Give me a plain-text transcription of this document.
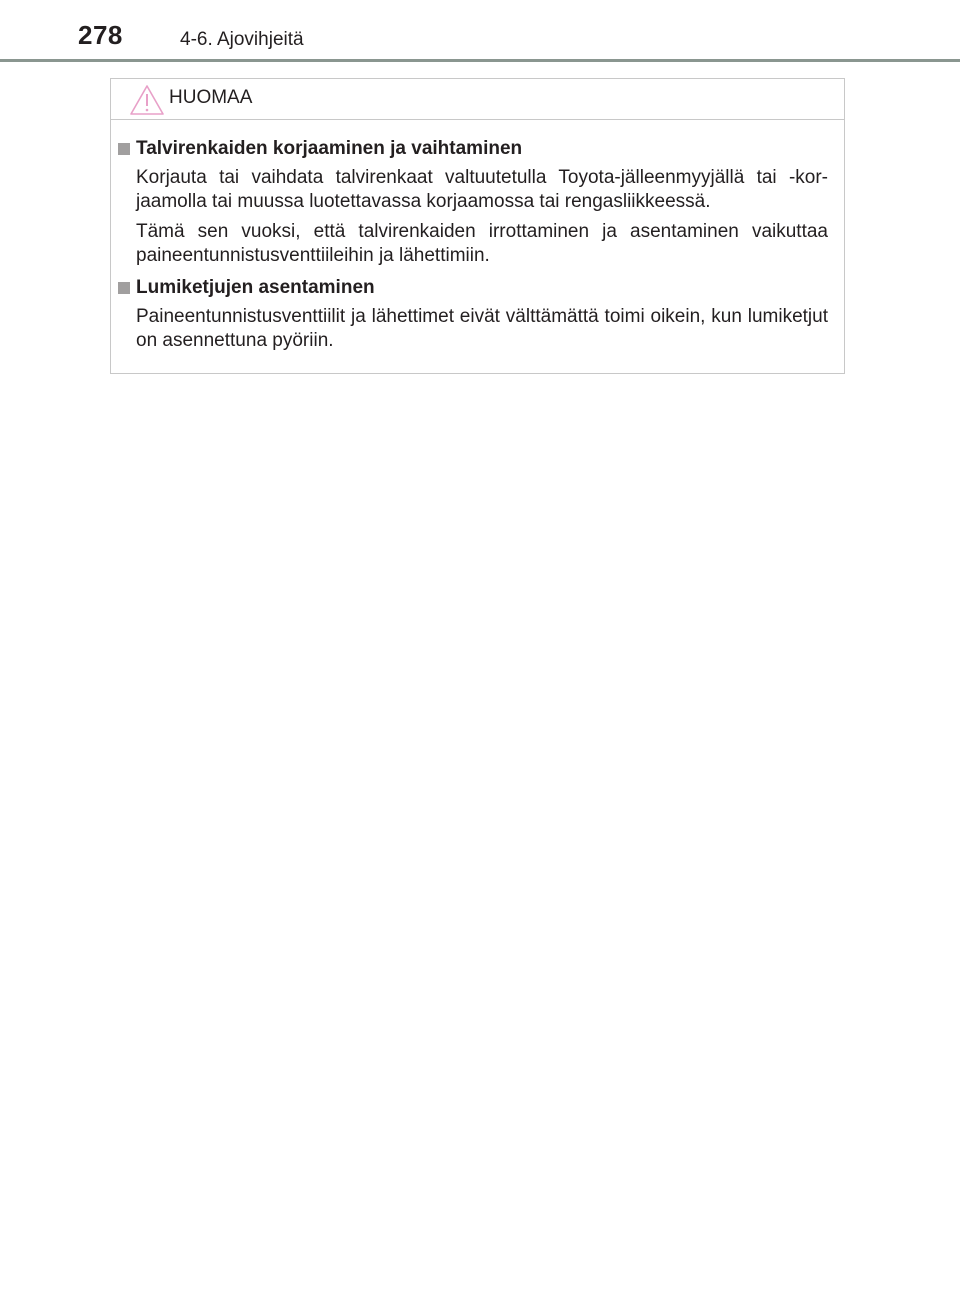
278	4-6. Ajovihjeitä
HUOMAA
Talvirenkaiden korjaaminen ja vaihtaminen

Korjauta tai vaihdata talvirenkaat valtuutetulla Toyota-jälleenmyyjällä tai -kor-jaamolla tai muussa luotettavassa korjaamossa tai rengasliikkeessä.

Tämä sen vuoksi, että talvirenkaiden irrottaminen ja asentaminen vaikuttaa paineentunnistusventtiileihin ja lähettimiin.

Lumiketjujen asentaminen

Paineentunnistusventtiilit ja lähettimet eivät välttämättä toimi oikein, kun lumiketjut on asennettuna pyöriin.
